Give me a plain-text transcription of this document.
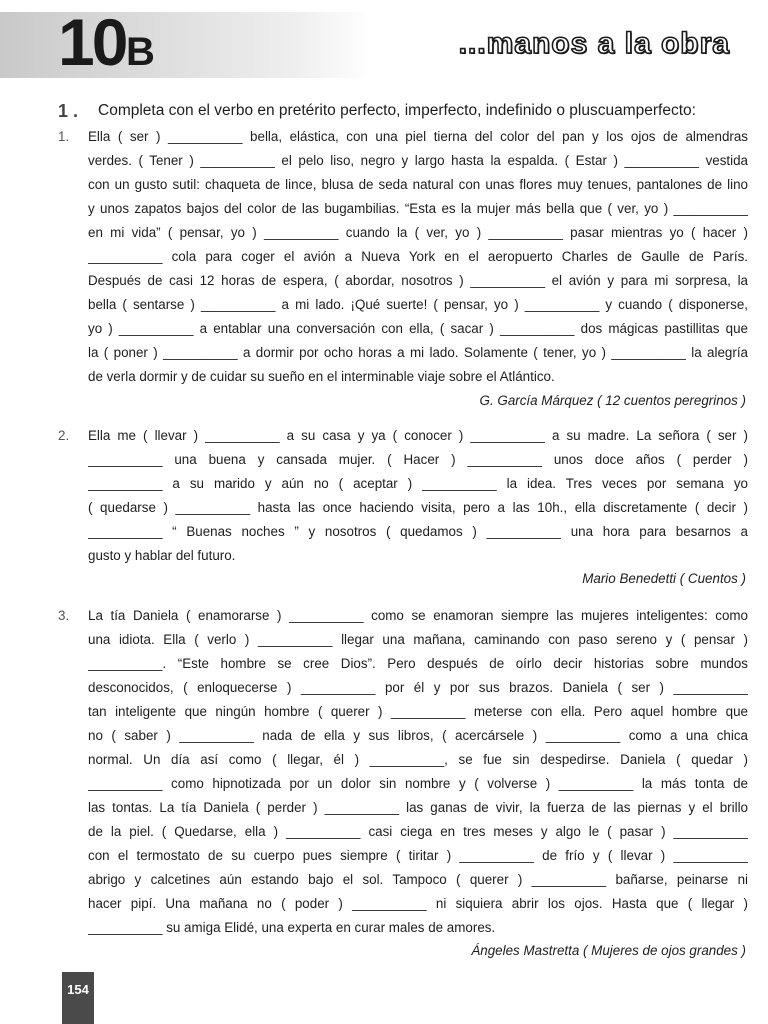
10 B	...manos a la obra
1 . Completa con el verbo en pretérito perfecto, imperfecto, indefinido o pluscuamperfecto:
1. Ella ( ser ) __________ bella, elástica, con una piel tierna del color del pan y los ojos de almendras
verdes. ( Tener ) __________ el pelo liso, negro y largo hasta la espalda. ( Estar ) __________ vestida
con un gusto sutil: chaqueta de lince, blusa de seda natural con unas flores muy tenues, pantalones de lino
y unos zapatos bajos del color de las bugambilias. “Esta es la mujer más bella que ( ver, yo ) __________
en mi vida” ( pensar, yo ) __________ cuando la ( ver, yo ) __________ pasar mientras yo ( hacer )
__________ cola para coger el avión a Nueva York en el aeropuerto Charles de Gaulle de París.
Después de casi 12 horas de espera, ( abordar, nosotros ) __________ el avión y para mi sorpresa, la
bella ( sentarse ) __________ a mi lado. ¡Qué suerte! ( pensar, yo ) __________ y cuando ( disponerse,
yo ) __________ a entablar una conversación con ella, ( sacar ) __________ dos mágicas pastillitas que
la ( poner ) __________ a dormir por ocho horas a mi lado. Solamente ( tener, yo ) __________ la alegría
de verla dormir y de cuidar su sueño en el interminable viaje sobre el Atlántico.
G. García Márquez ( 12 cuentos peregrinos )
2. Ella me ( llevar ) __________ a su casa y ya ( conocer ) __________ a su madre. La señora ( ser )
__________ una buena y cansada mujer. ( Hacer ) __________ unos doce años ( perder )
__________ a su marido y aún no ( aceptar ) __________ la idea. Tres veces por semana yo
( quedarse ) __________ hasta las once haciendo visita, pero a las 10h., ella discretamente ( decir )
__________ “ Buenas noches ” y nosotros ( quedamos ) __________ una hora para besarnos a
gusto y hablar del futuro.
Mario Benedetti ( Cuentos )
3. La tía Daniela ( enamorarse ) __________ como se enamoran siempre las mujeres inteligentes: como
una idiota. Ella ( verlo ) __________ llegar una mañana, caminando con paso sereno y ( pensar )
__________. “Este hombre se cree Dios”. Pero después de oírlo decir historias sobre mundos
desconocidos, ( enloquecerse ) __________ por él y por sus brazos. Daniela ( ser ) __________
tan inteligente que ningún hombre ( querer ) __________ meterse con ella. Pero aquel hombre que
no ( saber ) __________ nada de ella y sus libros, ( acercársele ) __________ como a una chica
normal. Un día así como ( llegar, él ) __________, se fue sin despedirse. Daniela ( quedar )
__________ como hipnotizada por un dolor sin nombre y ( volverse ) __________ la más tonta de
las tontas. La tía Daniela ( perder ) __________ las ganas de vivir, la fuerza de las piernas y el brillo
de la piel. ( Quedarse, ella ) __________ casi ciega en tres meses y algo le ( pasar ) __________
con el termostato de su cuerpo pues siempre ( tiritar ) __________ de frío y ( llevar ) __________
abrigo y calcetines aún estando bajo el sol. Tampoco ( querer ) __________ bañarse, peinarse ni
hacer pipí. Una mañana no ( poder ) __________ ni siquiera abrir los ojos. Hasta que ( llegar )
__________ su amiga Elidé, una experta en curar males de amores.
Ángeles Mastretta ( Mujeres de ojos grandes )
154
